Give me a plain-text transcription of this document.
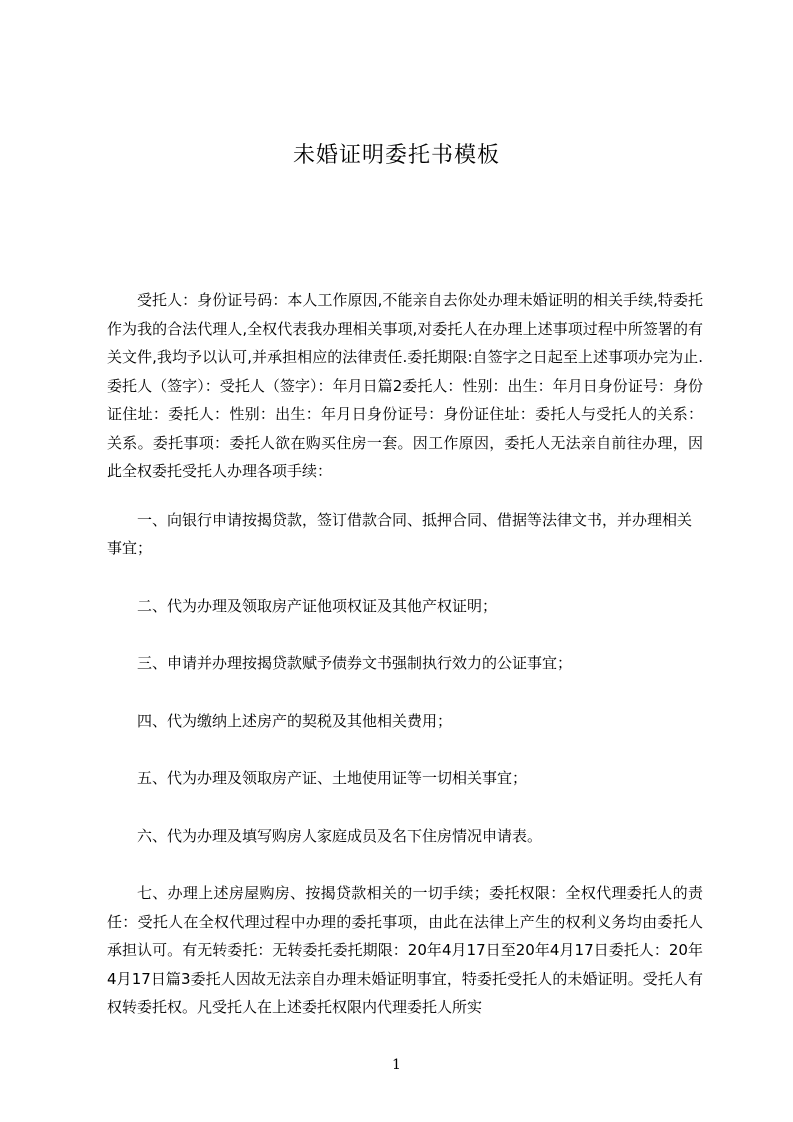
未婚证明委托书模板

受托人：身份证号码：本人工作原因,不能亲自去你处办理未婚证明的相关手续,特委托作为我的合法代理人,全权代表我办理相关事项,对委托人在办理上述事项过程中所签署的有关文件,我均予以认可,并承担相应的法律责任.委托期限:自签字之日起至上述事项办完为止.委托人（签字）：受托人（签字）：年月日篇2委托人：性别：出生：年月日身份证号：身份证住址：委托人：性别：出生：年月日身份证号：身份证住址：委托人与受托人的关系：关系。委托事项：委托人欲在购买住房一套。因工作原因，委托人无法亲自前往办理，因此全权委托受托人办理各项手续：

一、向银行申请按揭贷款，签订借款合同、抵押合同、借据等法律文书，并办理相关事宜；

二、代为办理及领取房产证他项权证及其他产权证明；

三、申请并办理按揭贷款赋予债券文书强制执行效力的公证事宜；

四、代为缴纳上述房产的契税及其他相关费用；

五、代为办理及领取房产证、土地使用证等一切相关事宜；

六、代为办理及填写购房人家庭成员及名下住房情况申请表。

七、办理上述房屋购房、按揭贷款相关的一切手续；委托权限：全权代理委托人的责任：受托人在全权代理过程中办理的委托事项，由此在法律上产生的权利义务均由委托人承担认可。有无转委托：无转委托委托期限：20年4月17日至20年4月17日委托人：20年4月17日篇3委托人因故无法亲自办理未婚证明事宜，特委托受托人的未婚证明。受托人有权转委托权。凡受托人在上述委托权限内代理委托人所实

1
